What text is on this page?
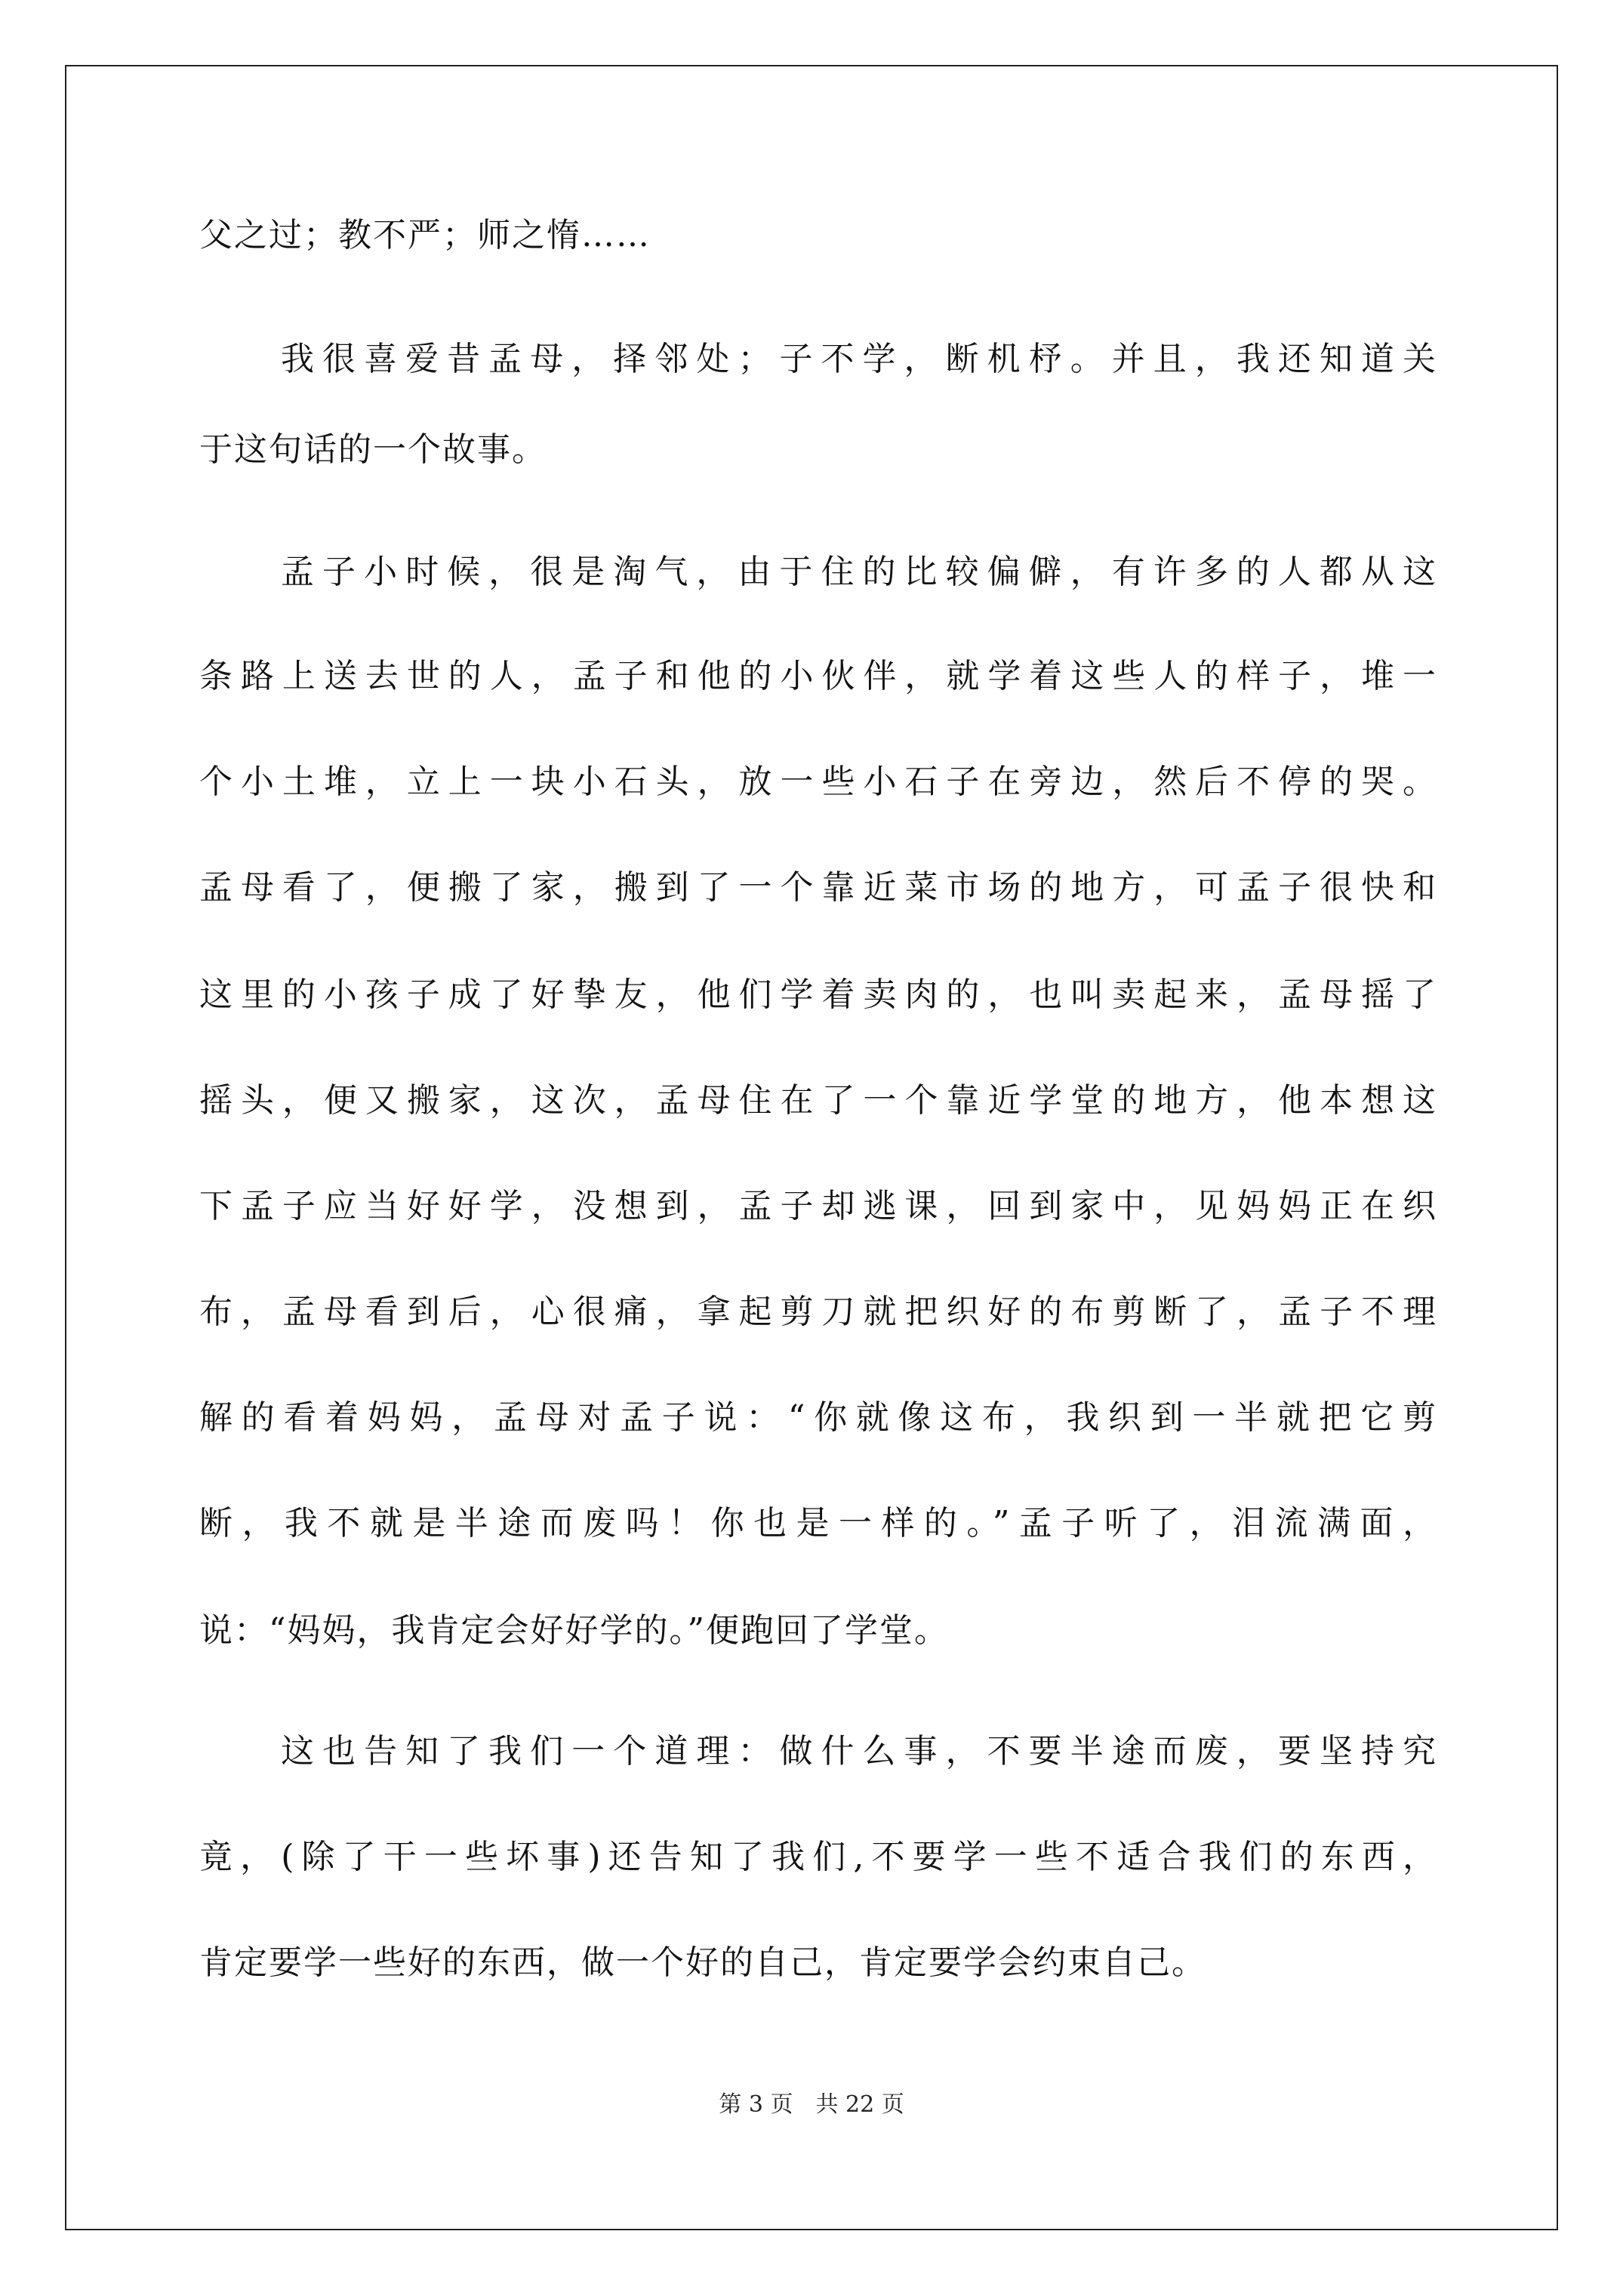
父之过；教不严；师之惰……
我很喜爱昔孟母，择邻处；子不学，断机杼。并且，我还知道关
于这句话的一个故事。
孟子小时候，很是淘气，由于住的比较偏僻，有许多的人都从这
条路上送去世的人，孟子和他的小伙伴，就学着这些人的样子，堆一
个小土堆，立上一块小石头，放一些小石子在旁边，然后不停的哭。
孟母看了，便搬了家，搬到了一个靠近菜市场的地方，可孟子很快和
这里的小孩子成了好挚友，他们学着卖肉的，也叫卖起来，孟母摇了
摇头，便又搬家，这次，孟母住在了一个靠近学堂的地方，他本想这
下孟子应当好好学，没想到，孟子却逃课，回到家中，见妈妈正在织
布，孟母看到后，心很痛，拿起剪刀就把织好的布剪断了，孟子不理
解的看着妈妈，孟母对孟子说：“你就像这布，我织到一半就把它剪
断，我不就是半途而废吗！你也是一样的。”孟子听了，泪流满面，
说：“妈妈，我肯定会好好学的。”便跑回了学堂。
这也告知了我们一个道理：做什么事，不要半途而废，要坚持究
竟，(除了干一些坏事)还告知了我们,不要学一些不适合我们的东西，
肯定要学一些好的东西，做一个好的自己，肯定要学会约束自己。
第 3 页　共 22 页
